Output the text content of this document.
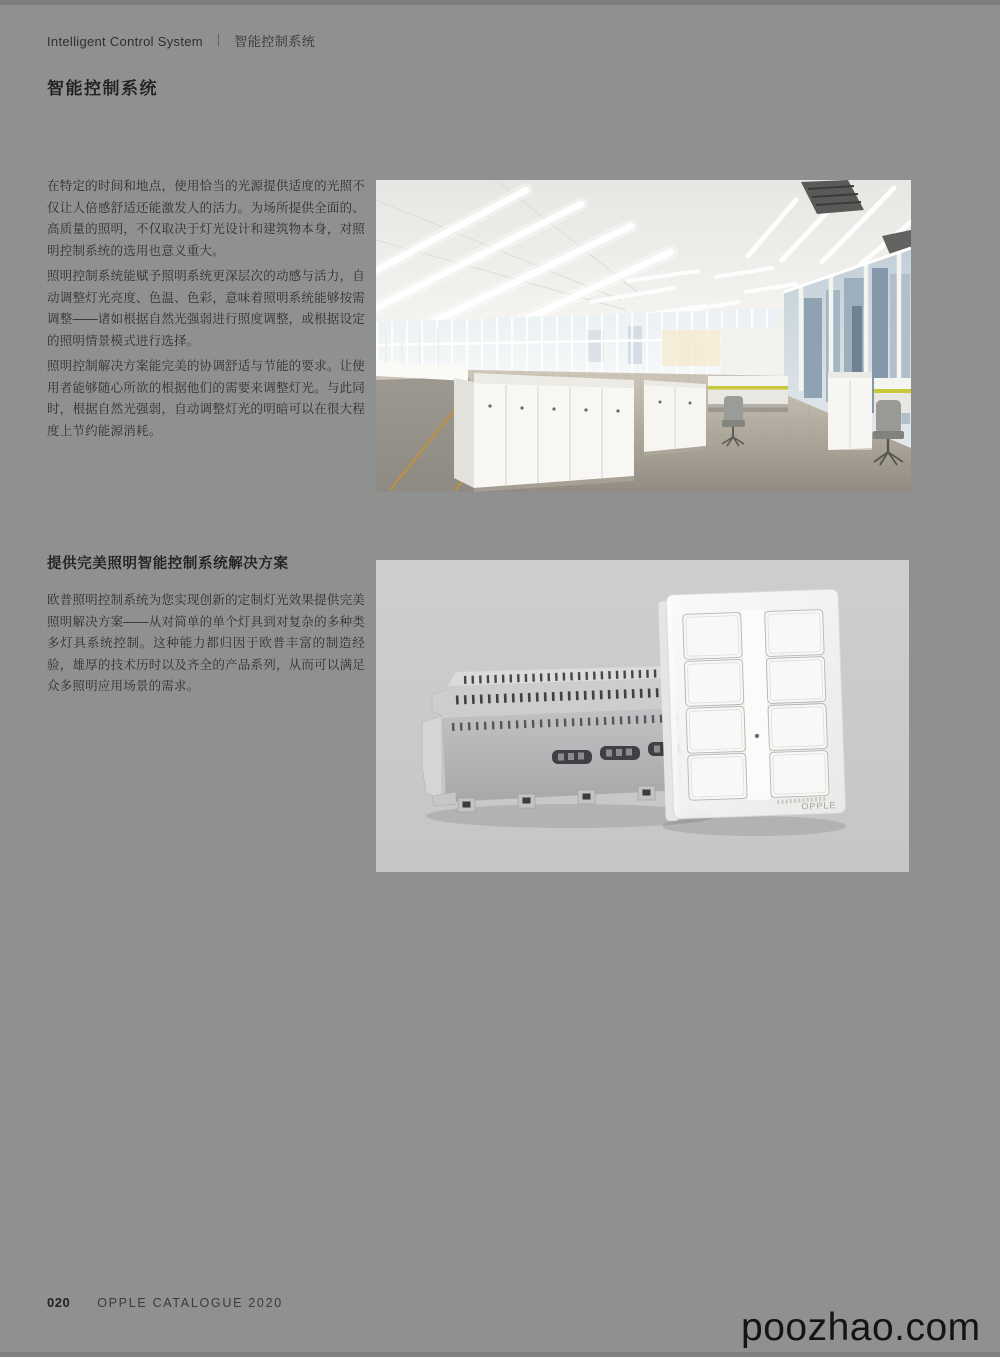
Intelligent Control System ｜ 智能控制系统
智能控制系统

在特定的时间和地点，使用恰当的光源提供适度的光照不仅让人倍感舒适还能激发人的活力。为场所提供全面的、高质量的照明，不仅取决于灯光设计和建筑物本身，对照明控制系统的选用也意义重大。

照明控制系统能赋予照明系统更深层次的动感与活力，自动调整灯光亮度、色温、色彩，意味着照明系统能够按需调整——诸如根据自然光强弱进行照度调整，或根据设定的照明情景模式进行选择。

照明控制解决方案能完美的协调舒适与节能的要求。让使用者能够随心所欲的根据他们的需要来调整灯光。与此同时，根据自然光强弱，自动调整灯光的明暗可以在很大程度上节约能源消耗。

提供完美照明智能控制系统解决方案

欧普照明控制系统为您实现创新的定制灯光效果提供完美照明解决方案——从对简单的单个灯具到对复杂的多种类多灯具系统控制。这种能力都归因于欧普丰富的制造经验，雄厚的技术历时以及齐全的产品系列，从而可以满足众多照明应用场景的需求。

OPPLE
020 OPPLE CATALOGUE 2020
poozhao.com
